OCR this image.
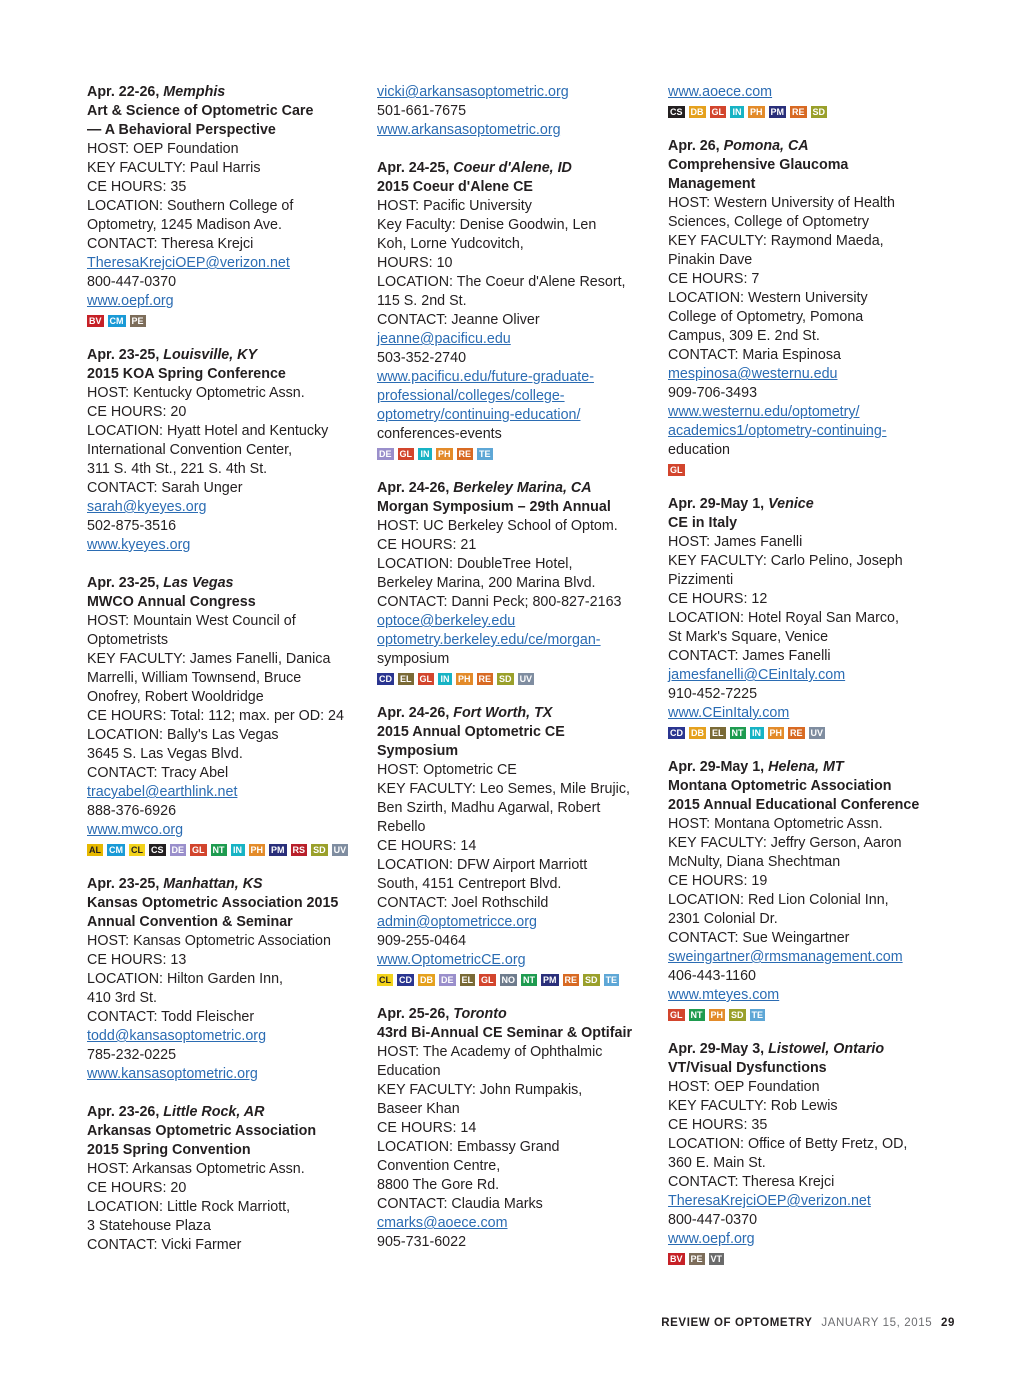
Apr. 22-26, Memphis
Art & Science of Optometric Care
— A Behavioral Perspective
HOST: OEP Foundation
KEY FACULTY: Paul Harris
CE HOURS: 35
LOCATION: Southern College of
Optometry, 1245 Madison Ave.
CONTACT: Theresa Krejci
TheresaKrejciOEP@verizon.net
800-447-0370
www.oepf.org
BV CM PE
Apr. 23-25, Louisville, KY
2015 KOA Spring Conference
HOST: Kentucky Optometric Assn.
CE HOURS: 20
LOCATION: Hyatt Hotel and Kentucky
International Convention Center,
311 S. 4th St., 221 S. 4th St.
CONTACT: Sarah Unger
sarah@kyeyes.org
502-875-3516
www.kyeyes.org
Apr. 23-25, Las Vegas
MWCO Annual Congress
HOST: Mountain West Council of
Optometrists
KEY FACULTY: James Fanelli, Danica
Marrelli, William Townsend, Bruce
Onofrey, Robert Wooldridge
CE HOURS: Total: 112; max. per OD: 24
LOCATION: Bally's Las Vegas
3645 S. Las Vegas Blvd.
CONTACT: Tracy Abel
tracyabel@earthlink.net
888-376-6926
www.mwco.org
AL CM CL CS DE GL NT IN PH PM RS SD UV
Apr. 23-25, Manhattan, KS
Kansas Optometric Association 2015
Annual Convention & Seminar
HOST: Kansas Optometric Association
CE HOURS: 13
LOCATION: Hilton Garden Inn,
410 3rd St.
CONTACT: Todd Fleischer
todd@kansasoptometric.org
785-232-0225
www.kansasoptometric.org
Apr. 23-26, Little Rock, AR
Arkansas Optometric Association
2015 Spring Convention
HOST: Arkansas Optometric Assn.
CE HOURS: 20
LOCATION: Little Rock Marriott,
3 Statehouse Plaza
CONTACT: Vicki Farmer
vicki@arkansasoptometric.org
501-661-7675
www.arkansasoptometric.org
Apr. 24-25, Coeur d'Alene, ID
2015 Coeur d'Alene CE
HOST: Pacific University
Key Faculty: Denise Goodwin, Len
Koh, Lorne Yudcovitch,
HOURS: 10
LOCATION: The Coeur d'Alene Resort,
115 S. 2nd St.
CONTACT: Jeanne Oliver
jeanne@pacificu.edu
503-352-2740
www.pacificu.edu/future-graduate-
professional/colleges/college-
optometry/continuing-education/
conferences-events
DE GL IN PH RE TE
Apr. 24-26, Berkeley Marina, CA
Morgan Symposium – 29th Annual
HOST: UC Berkeley School of Optom.
CE HOURS: 21
LOCATION: DoubleTree Hotel,
Berkeley Marina, 200 Marina Blvd.
CONTACT: Danni Peck; 800-827-2163
optoce@berkeley.edu
optometry.berkeley.edu/ce/morgan-
symposium
CD EL GL IN PH RE SD UV
Apr. 24-26, Fort Worth, TX
2015 Annual Optometric CE
Symposium
HOST: Optometric CE
KEY FACULTY: Leo Semes, Mile Brujic,
Ben Szirth, Madhu Agarwal, Robert
Rebello
CE HOURS: 14
LOCATION: DFW Airport Marriott
South, 4151 Centreport Blvd.
CONTACT: Joel Rothschild
admin@optometricce.org
909-255-0464
www.OptometricCE.org
CL CD DB DE EL GL NO NT PM RE SD TE
Apr. 25-26, Toronto
43rd Bi-Annual CE Seminar & Optifair
HOST: The Academy of Ophthalmic
Education
KEY FACULTY: John Rumpakis,
Baseer Khan
CE HOURS: 14
LOCATION: Embassy Grand
Convention Centre,
8800 The Gore Rd.
CONTACT: Claudia Marks
cmarks@aoece.com
905-731-6022
www.aoece.com
CS DB GL IN PH PM RE SD
Apr. 26, Pomona, CA
Comprehensive Glaucoma
Management
HOST: Western University of Health
Sciences, College of Optometry
KEY FACULTY: Raymond Maeda,
Pinakin Dave
CE HOURS: 7
LOCATION: Western University
College of Optometry, Pomona
Campus, 309 E. 2nd St.
CONTACT: Maria Espinosa
mespinosa@westernu.edu
909-706-3493
www.westernu.edu/optometry/
academics1/optometry-continuing-
education
GL
Apr. 29-May 1, Venice
CE in Italy
HOST: James Fanelli
KEY FACULTY: Carlo Pelino, Joseph
Pizzimenti
CE HOURS: 12
LOCATION: Hotel Royal San Marco,
St Mark's Square, Venice
CONTACT: James Fanelli
jamesfanelli@CEinItaly.com
910-452-7225
www.CEinItaly.com
CD DB EL NT IN PH RE UV
Apr. 29-May 1, Helena, MT
Montana Optometric Association
2015 Annual Educational Conference
HOST: Montana Optometric Assn.
KEY FACULTY: Jeffry Gerson, Aaron
McNulty, Diana Shechtman
CE HOURS: 19
LOCATION: Red Lion Colonial Inn,
2301 Colonial Dr.
CONTACT: Sue Weingartner
sweingartner@rmsmanagement.com
406-443-1160
www.mteyes.com
GL NT PH SD TE
Apr. 29-May 3, Listowel, Ontario
VT/Visual Dysfunctions
HOST: OEP Foundation
KEY FACULTY: Rob Lewis
CE HOURS: 35
LOCATION: Office of Betty Fretz, OD,
360 E. Main St.
CONTACT: Theresa Krejci
TheresaKrejciOEP@verizon.net
800-447-0370
www.oepf.org
BV PE VT
REVIEW OF OPTOMETRY JANUARY 15, 2015 29
